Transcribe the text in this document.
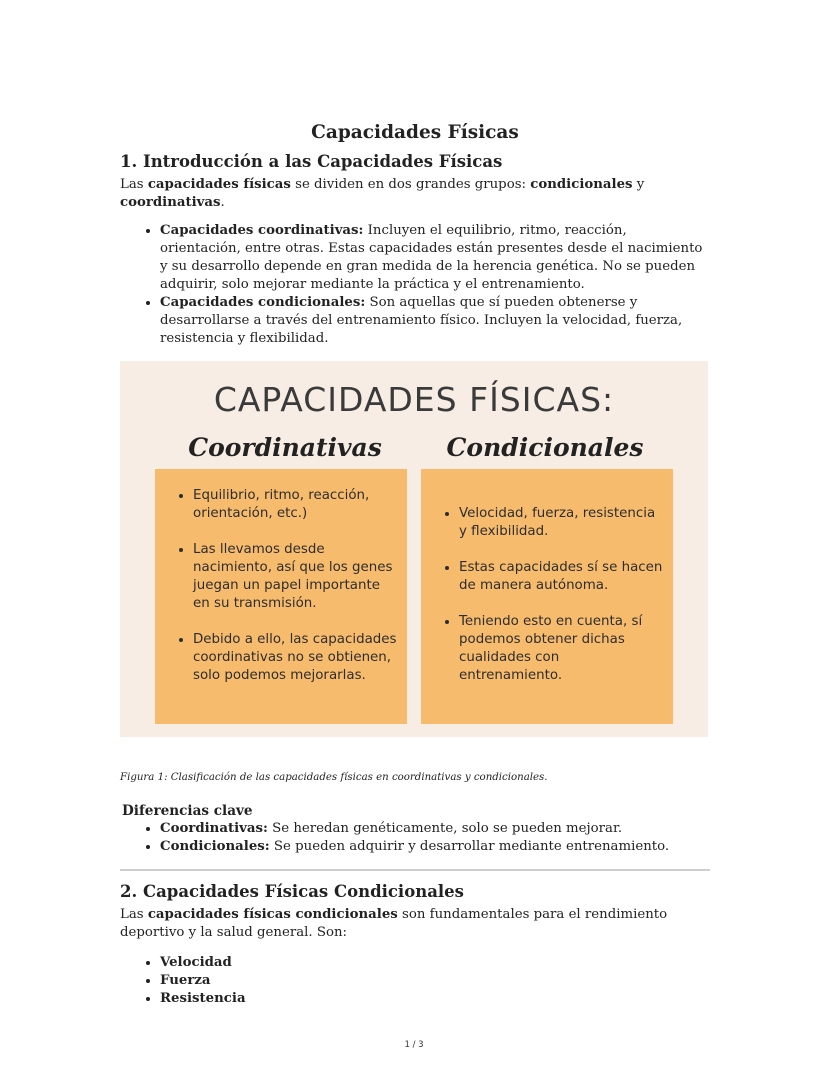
Capacidades Físicas
1. Introducción a las Capacidades Físicas

Las capacidades físicas se dividen en dos grandes grupos: condicionales y coordinativas.

• Capacidades coordinativas: Incluyen el equilibrio, ritmo, reacción, orientación, entre otras. Estas capacidades están presentes desde el nacimiento y su desarrollo depende en gran medida de la herencia genética. No se pueden adquirir, solo mejorar mediante la práctica y el entrenamiento.
• Capacidades condicionales: Son aquellas que sí pueden obtenerse y desarrollarse a través del entrenamiento físico. Incluyen la velocidad, fuerza, resistencia y flexibilidad.
CAPACIDADES FÍSICAS:
Coordinativas	Condicionales
• Equilibrio, ritmo, reacción, orientación, etc.)
• Las llevamos desde nacimiento, así que los genes juegan un papel importante en su transmisión.
• Debido a ello, las capacidades coordinativas no se obtienen, solo podemos mejorarlas.
• Velocidad, fuerza, resistencia y flexibilidad.
• Estas capacidades sí se hacen de manera autónoma.
• Teniendo esto en cuenta, sí podemos obtener dichas cualidades con entrenamiento.
Figura 1: Clasificación de las capacidades físicas en coordinativas y condicionales.
Diferencias clave
• Coordinativas: Se heredan genéticamente, solo se pueden mejorar.
• Condicionales: Se pueden adquirir y desarrollar mediante entrenamiento.
2. Capacidades Físicas Condicionales

Las capacidades físicas condicionales son fundamentales para el rendimiento deportivo y la salud general. Son:

• Velocidad
• Fuerza
• Resistencia
1 / 3
